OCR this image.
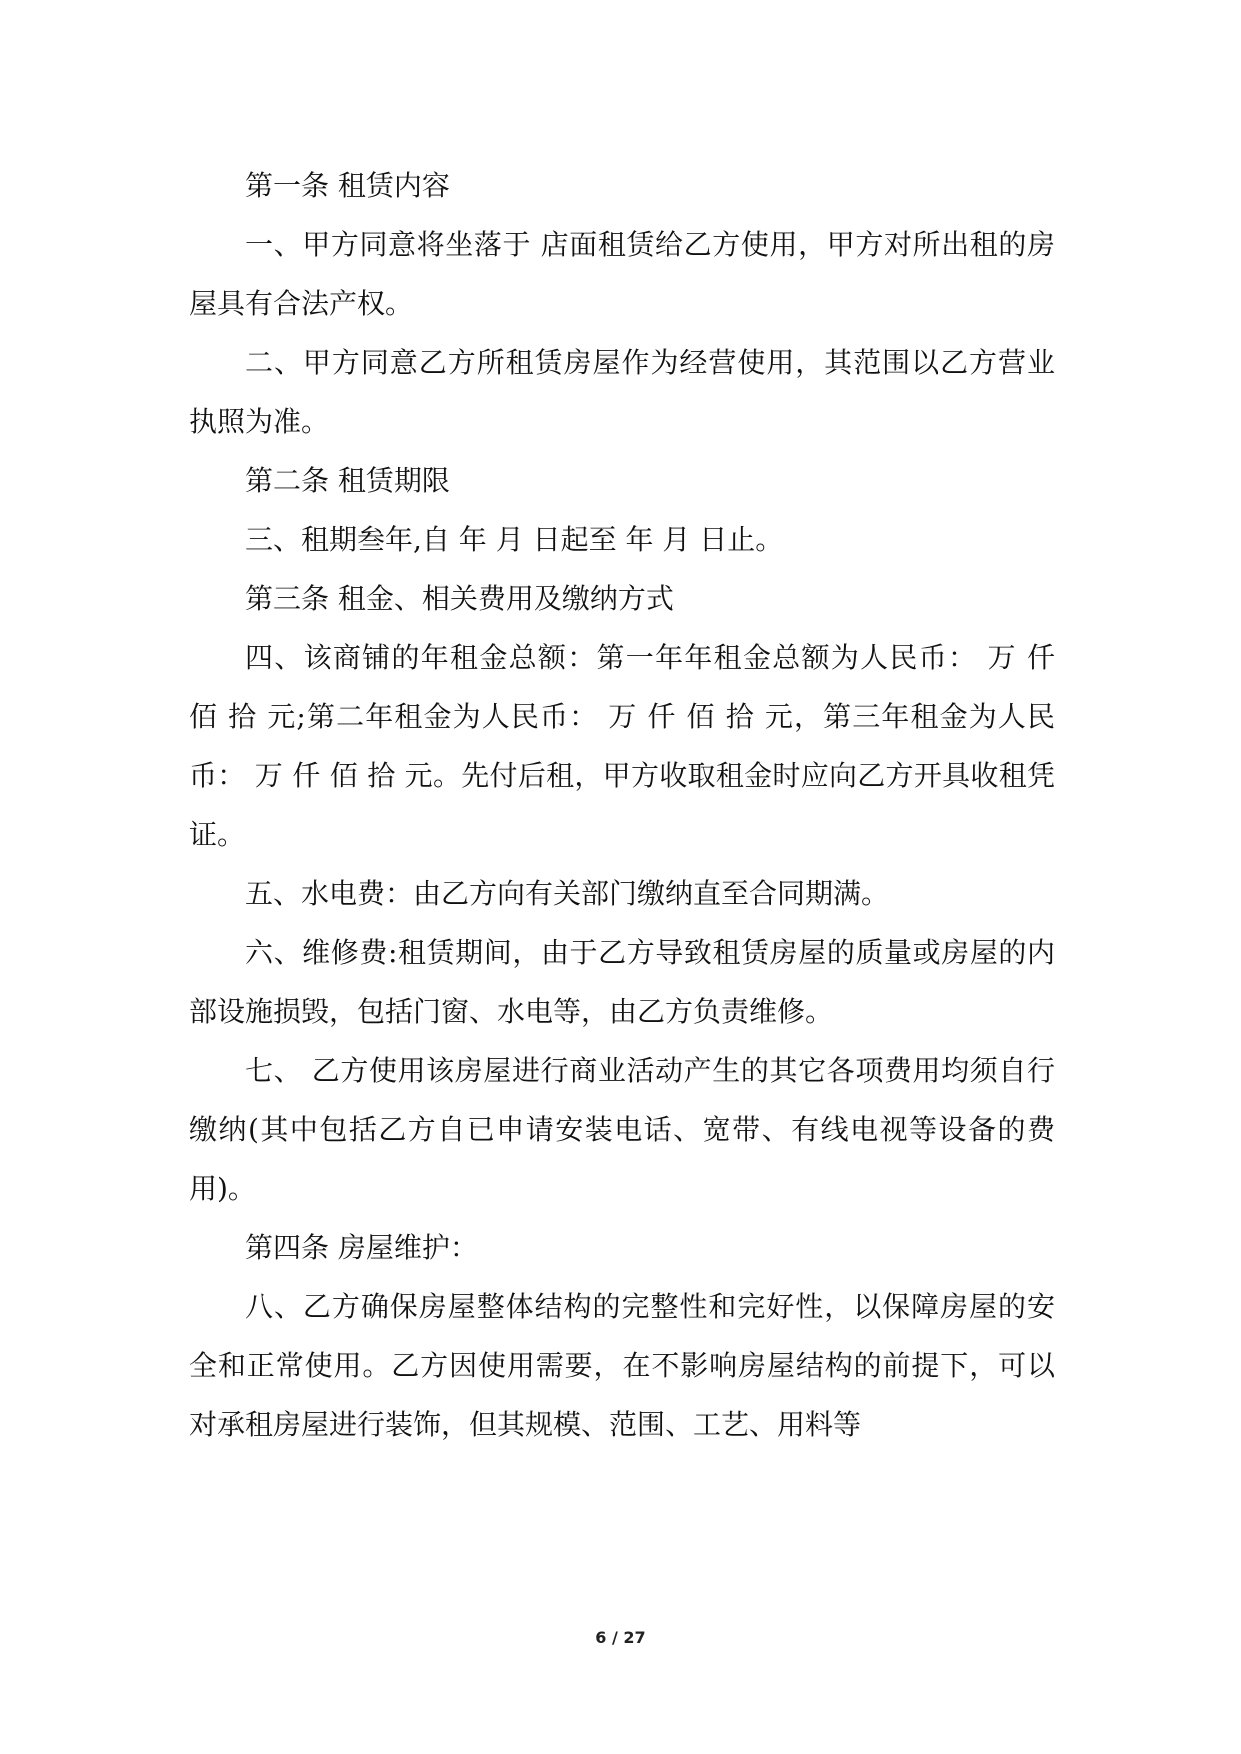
第一条 租赁内容

一、甲方同意将坐落于 店面租赁给乙方使用，甲方对所出租的房屋具有合法产权。

二、甲方同意乙方所租赁房屋作为经营使用，其范围以乙方营业执照为准。

第二条 租赁期限

三、租期叁年,自 年 月 日起至 年 月 日止。

第三条 租金、相关费用及缴纳方式

四、该商铺的年租金总额：第一年年租金总额为人民币： 万 仟 佰 拾 元;第二年租金为人民币： 万 仟 佰 拾 元，第三年租金为人民币： 万 仟 佰 拾 元。先付后租，甲方收取租金时应向乙方开具收租凭证。

五、水电费：由乙方向有关部门缴纳直至合同期满。

六、维修费:租赁期间，由于乙方导致租赁房屋的质量或房屋的内部设施损毁，包括门窗、水电等，由乙方负责维修。

七、 乙方使用该房屋进行商业活动产生的其它各项费用均须自行缴纳(其中包括乙方自已申请安装电话、宽带、有线电视等设备的费用)。

第四条 房屋维护：

八、乙方确保房屋整体结构的完整性和完好性，以保障房屋的安全和正常使用。乙方因使用需要，在不影响房屋结构的前提下，可以对承租房屋进行装饰，但其规模、范围、工艺、用料等

6 / 27
